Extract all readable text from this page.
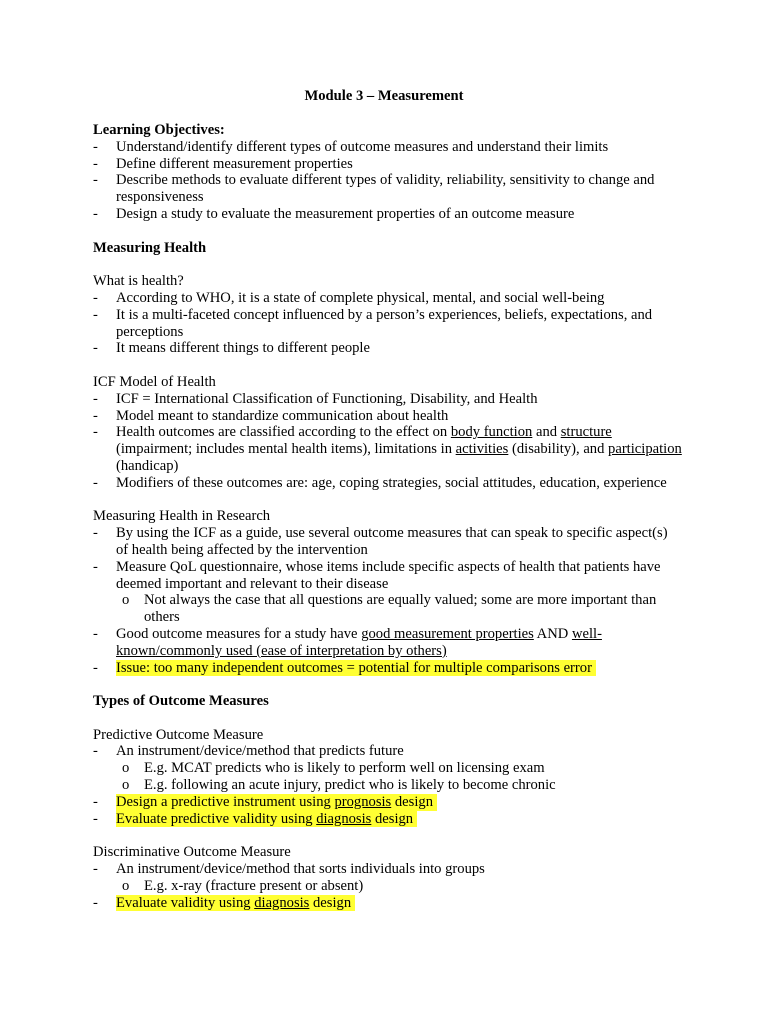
Module 3 – Measurement
Learning Objectives:
- Understand/identify different types of outcome measures and understand their limits
- Define different measurement properties
- Describe methods to evaluate different types of validity, reliability, sensitivity to change and responsiveness
- Design a study to evaluate the measurement properties of an outcome measure
Measuring Health
What is health?
- According to WHO, it is a state of complete physical, mental, and social well-being
- It is a multi-faceted concept influenced by a person’s experiences, beliefs, expectations, and perceptions
- It means different things to different people
ICF Model of Health
- ICF = International Classification of Functioning, Disability, and Health
- Model meant to standardize communication about health
- Health outcomes are classified according to the effect on body function and structure (impairment; includes mental health items), limitations in activities (disability), and participation (handicap)
- Modifiers of these outcomes are: age, coping strategies, social attitudes, education, experience
Measuring Health in Research
- By using the ICF as a guide, use several outcome measures that can speak to specific aspect(s) of health being affected by the intervention
- Measure QoL questionnaire, whose items include specific aspects of health that patients have deemed important and relevant to their disease
o Not always the case that all questions are equally valued; some are more important than others
- Good outcome measures for a study have good measurement properties AND well-known/commonly used (ease of interpretation by others)
- Issue: too many independent outcomes = potential for multiple comparisons error
Types of Outcome Measures
Predictive Outcome Measure
- An instrument/device/method that predicts future
o E.g. MCAT predicts who is likely to perform well on licensing exam
o E.g. following an acute injury, predict who is likely to become chronic
- Design a predictive instrument using prognosis design
- Evaluate predictive validity using diagnosis design
Discriminative Outcome Measure
- An instrument/device/method that sorts individuals into groups
o E.g. x-ray (fracture present or absent)
- Evaluate validity using diagnosis design
